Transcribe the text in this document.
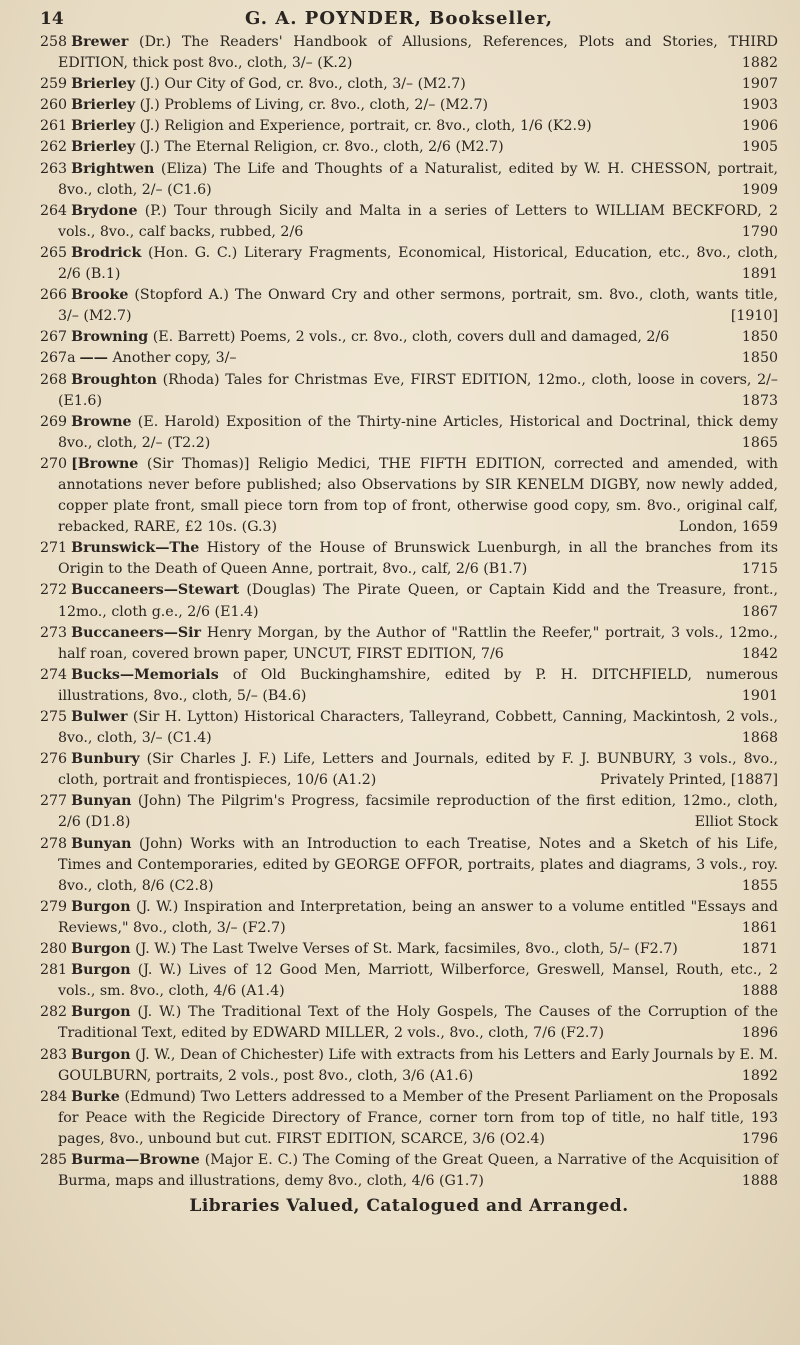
14	G. A. POYNDER, Bookseller,
258 Brewer (Dr.) The Readers' Handbook of Allusions, References, Plots and Stories, THIRD EDITION, thick post 8vo., cloth, 3/– (K.2)	1882
259 Brierley (J.) Our City of God, cr. 8vo., cloth, 3/– (M2.7)	1907
260 Brierley (J.) Problems of Living, cr. 8vo., cloth, 2/– (M2.7)	1903
261 Brierley (J.) Religion and Experience, portrait, cr. 8vo., cloth, 1/6 (K2.9)	1906
262 Brierley (J.) The Eternal Religion, cr. 8vo., cloth, 2/6 (M2.7)	1905
263 Brightwen (Eliza) The Life and Thoughts of a Naturalist, edited by W. H. CHESSON, portrait, 8vo., cloth, 2/– (C1.6)	1909
264 Brydone (P.) Tour through Sicily and Malta in a series of Letters to WILLIAM BECKFORD, 2 vols., 8vo., calf backs, rubbed, 2/6	1790
265 Brodrick (Hon. G. C.) Literary Fragments, Economical, Historical, Education, etc., 8vo., cloth, 2/6 (B.1)	1891
266 Brooke (Stopford A.) The Onward Cry and other sermons, portrait, sm. 8vo., cloth, wants title, 3/– (M2.7)	[1910]
267 Browning (E. Barrett) Poems, 2 vols., cr. 8vo., cloth, covers dull and damaged, 2/6	1850
267a —— Another copy, 3/–	1850
268 Broughton (Rhoda) Tales for Christmas Eve, FIRST EDITION, 12mo., cloth, loose in covers, 2/– (E1.6)	1873
269 Browne (E. Harold) Exposition of the Thirty-nine Articles, Historical and Doctrinal, thick demy 8vo., cloth, 2/– (T2.2)	1865
270 [Browne (Sir Thomas)] Religio Medici, THE FIFTH EDITION, corrected and amended, with annotations never before published; also Observations by SIR KENELM DIGBY, now newly added, copper plate front, small piece torn from top of front, otherwise good copy, sm. 8vo., original calf, rebacked, RARE, £2 10s. (G.3)	London, 1659
271 Brunswick—The History of the House of Brunswick Luenburgh, in all the branches from its Origin to the Death of Queen Anne, portrait, 8vo., calf, 2/6 (B1.7)	1715
272 Buccaneers—Stewart (Douglas) The Pirate Queen, or Captain Kidd and the Treasure, front., 12mo., cloth g.e., 2/6 (E1.4)	1867
273 Buccaneers—Sir Henry Morgan, by the Author of "Rattlin the Reefer," portrait, 3 vols., 12mo., half roan, covered brown paper, UNCUT, FIRST EDITION, 7/6	1842
274 Bucks—Memorials of Old Buckinghamshire, edited by P. H. DITCHFIELD, numerous illustrations, 8vo., cloth, 5/– (B4.6)	1901
275 Bulwer (Sir H. Lytton) Historical Characters, Talleyrand, Cobbett, Canning, Mackintosh, 2 vols., 8vo., cloth, 3/– (C1.4)	1868
276 Bunbury (Sir Charles J. F.) Life, Letters and Journals, edited by F. J. BUNBURY, 3 vols., 8vo., cloth, portrait and frontispieces, 10/6 (A1.2)	Privately Printed, [1887]
277 Bunyan (John) The Pilgrim's Progress, facsimile reproduction of the first edition, 12mo., cloth, 2/6 (D1.8)	Elliot Stock
278 Bunyan (John) Works with an Introduction to each Treatise, Notes and a Sketch of his Life, Times and Contemporaries, edited by GEORGE OFFOR, portraits, plates and diagrams, 3 vols., roy. 8vo., cloth, 8/6 (C2.8)	1855
279 Burgon (J. W.) Inspiration and Interpretation, being an answer to a volume entitled "Essays and Reviews," 8vo., cloth, 3/– (F2.7)	1861
280 Burgon (J. W.) The Last Twelve Verses of St. Mark, facsimiles, 8vo., cloth, 5/– (F2.7)	1871
281 Burgon (J. W.) Lives of 12 Good Men, Marriott, Wilberforce, Greswell, Mansel, Routh, etc., 2 vols., sm. 8vo., cloth, 4/6 (A1.4)	1888
282 Burgon (J. W.) The Traditional Text of the Holy Gospels, The Causes of the Corruption of the Traditional Text, edited by EDWARD MILLER, 2 vols., 8vo., cloth, 7/6 (F2.7)	1896
283 Burgon (J. W., Dean of Chichester) Life with extracts from his Letters and Early Journals by E. M. GOULBURN, portraits, 2 vols., post 8vo., cloth, 3/6 (A1.6)	1892
284 Burke (Edmund) Two Letters addressed to a Member of the Present Parliament on the Proposals for Peace with the Regicide Directory of France, corner torn from top of title, no half title, 193 pages, 8vo., unbound but cut. FIRST EDITION, SCARCE, 3/6 (O2.4)	1796
285 Burma—Browne (Major E. C.) The Coming of the Great Queen, a Narrative of the Acquisition of Burma, maps and illustrations, demy 8vo., cloth, 4/6 (G1.7)	1888
Libraries Valued, Catalogued and Arranged.
